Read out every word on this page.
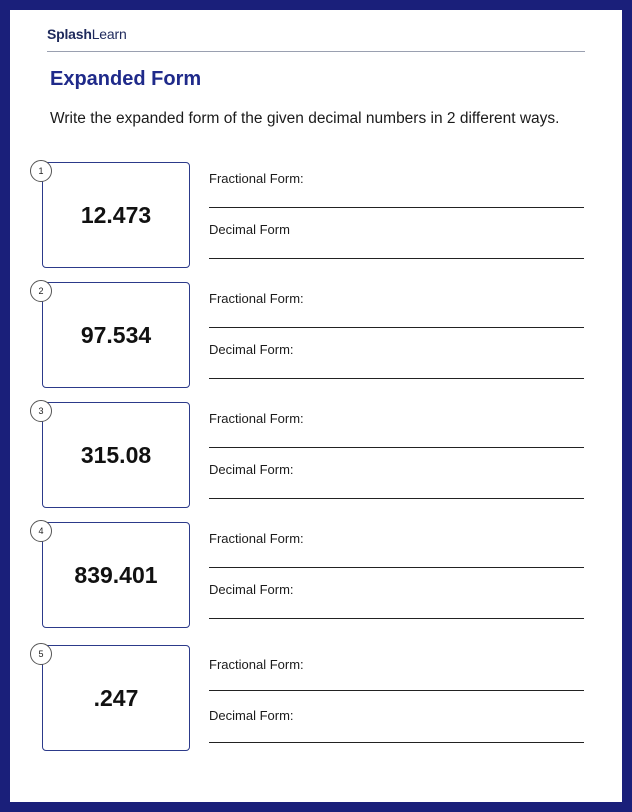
SplashLearn
Expanded Form
Write the expanded form of the given decimal numbers in 2 different ways.
1
12.473
Fractional Form:
Decimal Form
2
97.534
Fractional Form:
Decimal Form:
3
315.08
Fractional Form:
Decimal Form:
4
839.401
Fractional Form:
Decimal Form:
5
.247
Fractional Form:
Decimal Form:
